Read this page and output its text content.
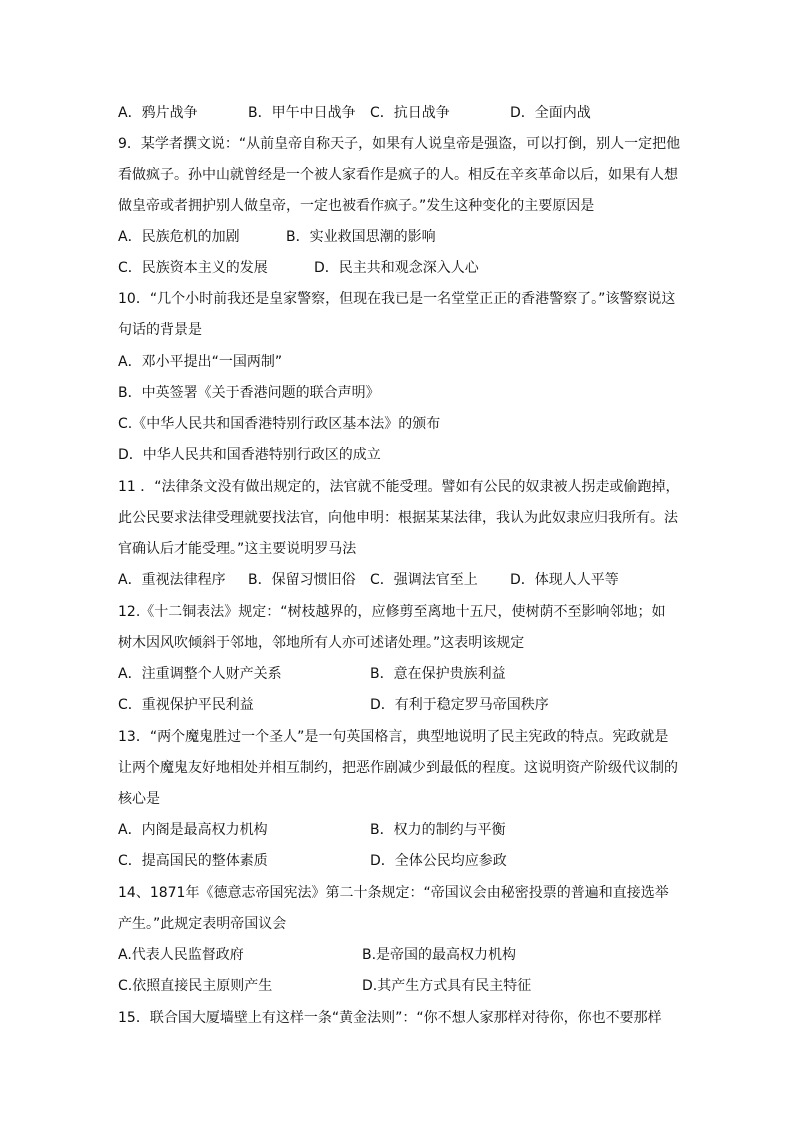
A．鸦片战争	B．甲午中日战争 C．抗日战争	D．全面内战
9．某学者撰文说：“从前皇帝自称天子，如果有人说皇帝是强盗，可以打倒，别人一定把他
看做疯子。孙中山就曾经是一个被人家看作是疯子的人。相反在辛亥革命以后，如果有人想
做皇帝或者拥护别人做皇帝，一定也被看作疯子。”发生这种变化的主要原因是
A．民族危机的加剧	B．实业救国思潮的影响
C．民族资本主义的发展	D．民主共和观念深入人心
10．“几个小时前我还是皇家警察，但现在我已是一名堂堂正正的香港警察了。”该警察说这
句话的背景是
A．邓小平提出“一国两制”
B．中英签署《关于香港问题的联合声明》
C.《中华人民共和国香港特别行政区基本法》的颁布
D．中华人民共和国香港特别行政区的成立
11 ．“法律条文没有做出规定的，法官就不能受理。譬如有公民的奴隶被人拐走或偷跑掉，
此公民要求法律受理就要找法官，向他申明：根据某某法律，我认为此奴隶应归我所有。法
官确认后才能受理。”这主要说明罗马法
A．重视法律程序 B．保留习惯旧俗 C．强调法官至上 D．体现人人平等
12.《十二铜表法》规定：“树枝越界的，应修剪至离地十五尺，使树荫不至影响邻地；如
树木因风吹倾斜于邻地，邻地所有人亦可述诸处理。”这表明该规定
A．注重调整个人财产关系	B．意在保护贵族利益
C．重视保护平民利益	D．有利于稳定罗马帝国秩序
13．“两个魔鬼胜过一个圣人”是一句英国格言，典型地说明了民主宪政的特点。宪政就是
让两个魔鬼友好地相处并相互制约，把恶作剧减少到最低的程度。这说明资产阶级代议制的
核心是
A．内阁是最高权力机构	B．权力的制约与平衡
C．提高国民的整体素质	D．全体公民均应参政
14、1871年《德意志帝国宪法》第二十条规定：“帝国议会由秘密投票的普遍和直接选举
产生。”此规定表明帝国议会
A.代表人民监督政府	B.是帝国的最高权力机构
C.依照直接民主原则产生	D.其产生方式具有民主特征
15．联合国大厦墙壁上有这样一条“黄金法则”：“你不想人家那样对待你，你也不要那样
